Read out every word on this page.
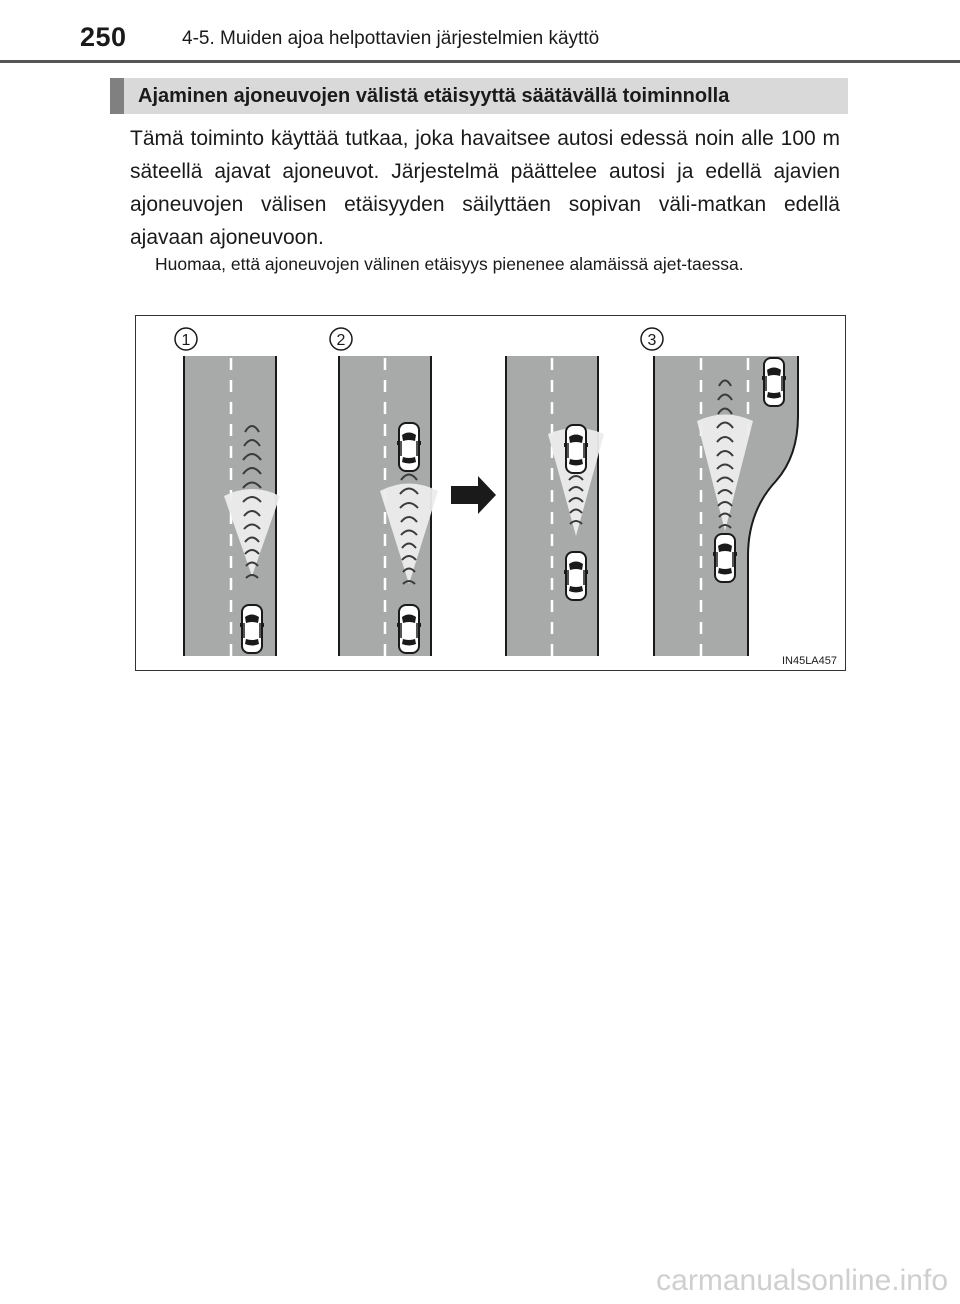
250	4-5. Muiden ajoa helpottavien järjestelmien käyttö
Ajaminen ajoneuvojen välistä etäisyyttä säätävällä toiminnolla
Tämä toiminto käyttää tutkaa, joka havaitsee autosi edessä noin alle 100 m säteellä ajavat ajoneuvot. Järjestelmä päättelee autosi ja edellä ajavien ajoneuvojen välisen etäisyyden säilyttäen sopivan väli-matkan edellä ajavaan ajoneuvoon.
Huomaa, että ajoneuvojen välinen etäisyys pienenee alamäissä ajet-taessa.
1	2	3
IN45LA457
carmanualsonline.info
